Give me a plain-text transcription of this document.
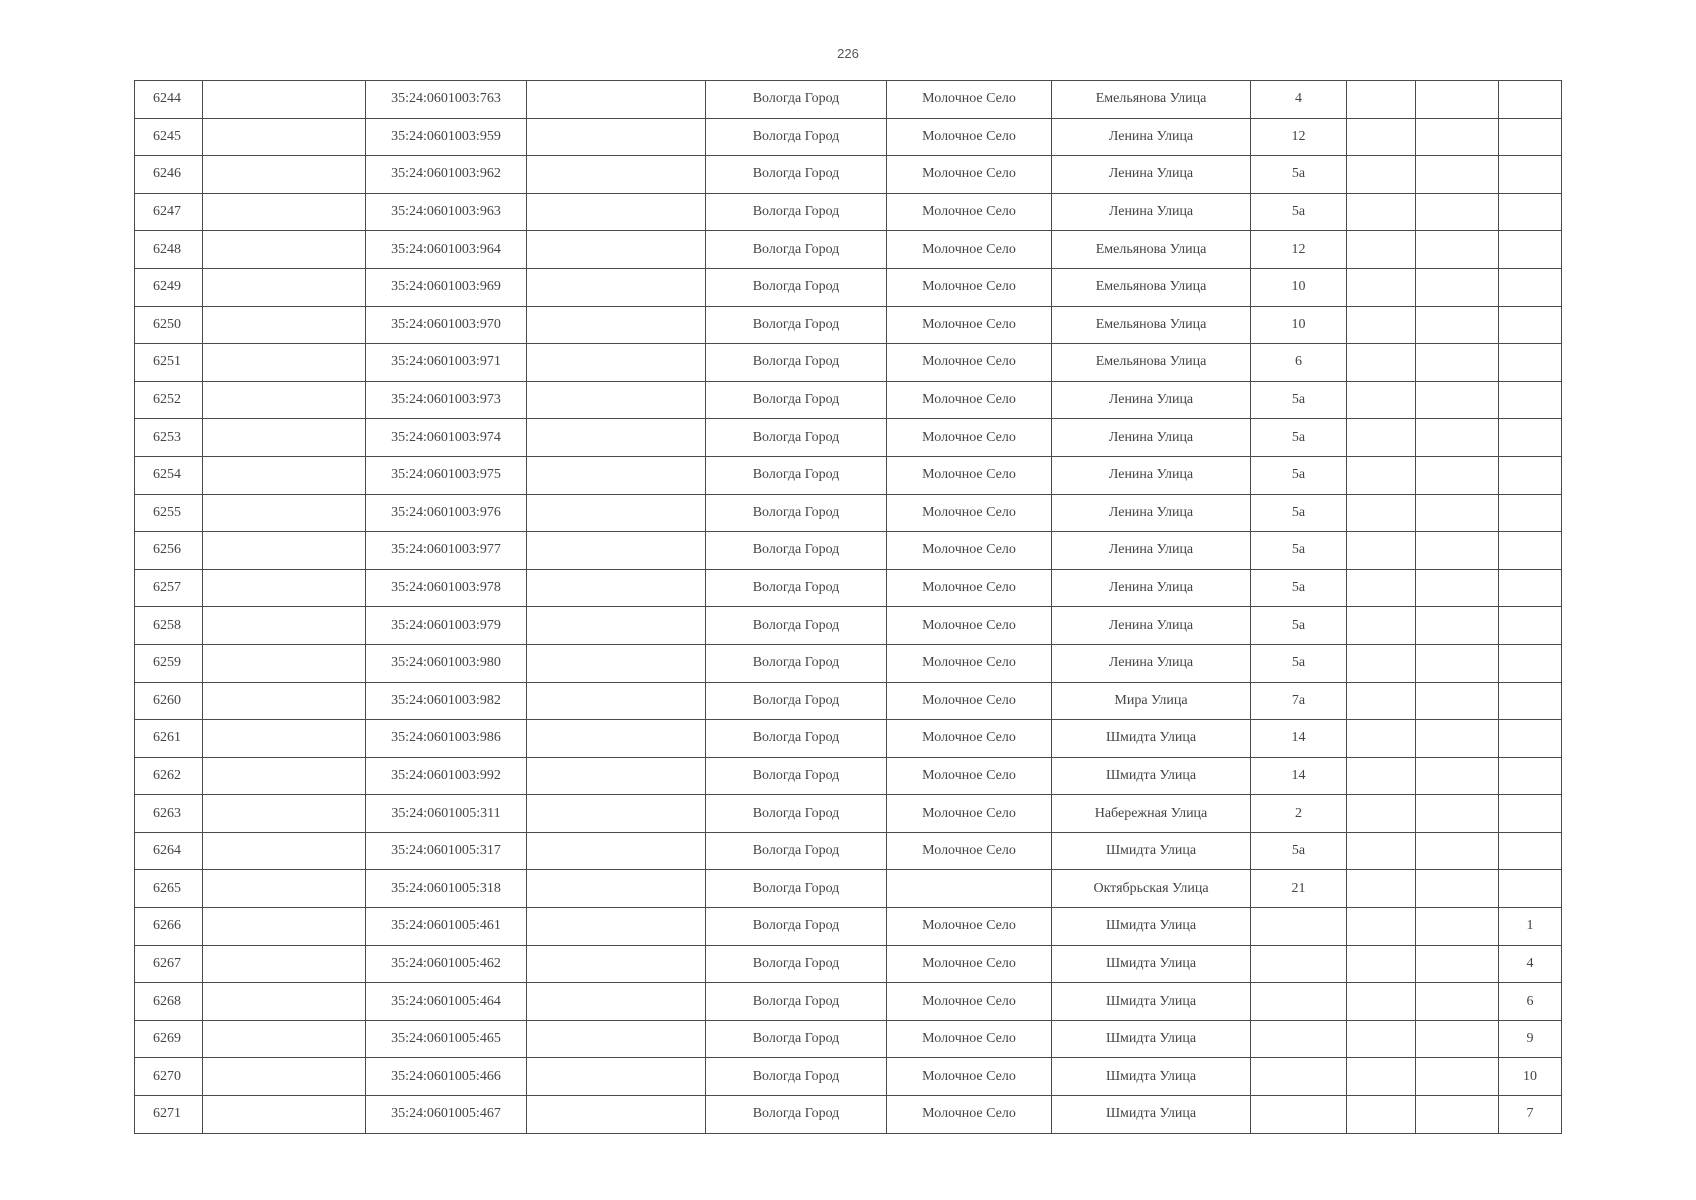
226
6244		35:24:0601003:763		Вологда Город	Молочное Село	Емельянова Улица	4			
6245		35:24:0601003:959		Вологда Город	Молочное Село	Ленина Улица	12			
6246		35:24:0601003:962		Вологда Город	Молочное Село	Ленина Улица	5а			
6247		35:24:0601003:963		Вологда Город	Молочное Село	Ленина Улица	5а			
6248		35:24:0601003:964		Вологда Город	Молочное Село	Емельянова Улица	12			
6249		35:24:0601003:969		Вологда Город	Молочное Село	Емельянова Улица	10			
6250		35:24:0601003:970		Вологда Город	Молочное Село	Емельянова Улица	10			
6251		35:24:0601003:971		Вологда Город	Молочное Село	Емельянова Улица	6			
6252		35:24:0601003:973		Вологда Город	Молочное Село	Ленина Улица	5а			
6253		35:24:0601003:974		Вологда Город	Молочное Село	Ленина Улица	5а			
6254		35:24:0601003:975		Вологда Город	Молочное Село	Ленина Улица	5а			
6255		35:24:0601003:976		Вологда Город	Молочное Село	Ленина Улица	5а			
6256		35:24:0601003:977		Вологда Город	Молочное Село	Ленина Улица	5а			
6257		35:24:0601003:978		Вологда Город	Молочное Село	Ленина Улица	5а			
6258		35:24:0601003:979		Вологда Город	Молочное Село	Ленина Улица	5а			
6259		35:24:0601003:980		Вологда Город	Молочное Село	Ленина Улица	5а			
6260		35:24:0601003:982		Вологда Город	Молочное Село	Мира Улица	7а			
6261		35:24:0601003:986		Вологда Город	Молочное Село	Шмидта Улица	14			
6262		35:24:0601003:992		Вологда Город	Молочное Село	Шмидта Улица	14			
6263		35:24:0601005:311		Вологда Город	Молочное Село	Набережная Улица	2			
6264		35:24:0601005:317		Вологда Город	Молочное Село	Шмидта Улица	5а			
6265		35:24:0601005:318		Вологда Город		Октябрьская Улица	21			
6266		35:24:0601005:461		Вологда Город	Молочное Село	Шмидта Улица				1
6267		35:24:0601005:462		Вологда Город	Молочное Село	Шмидта Улица				4
6268		35:24:0601005:464		Вологда Город	Молочное Село	Шмидта Улица				6
6269		35:24:0601005:465		Вологда Город	Молочное Село	Шмидта Улица				9
6270		35:24:0601005:466		Вологда Город	Молочное Село	Шмидта Улица				10
6271		35:24:0601005:467		Вологда Город	Молочное Село	Шмидта Улица				7
